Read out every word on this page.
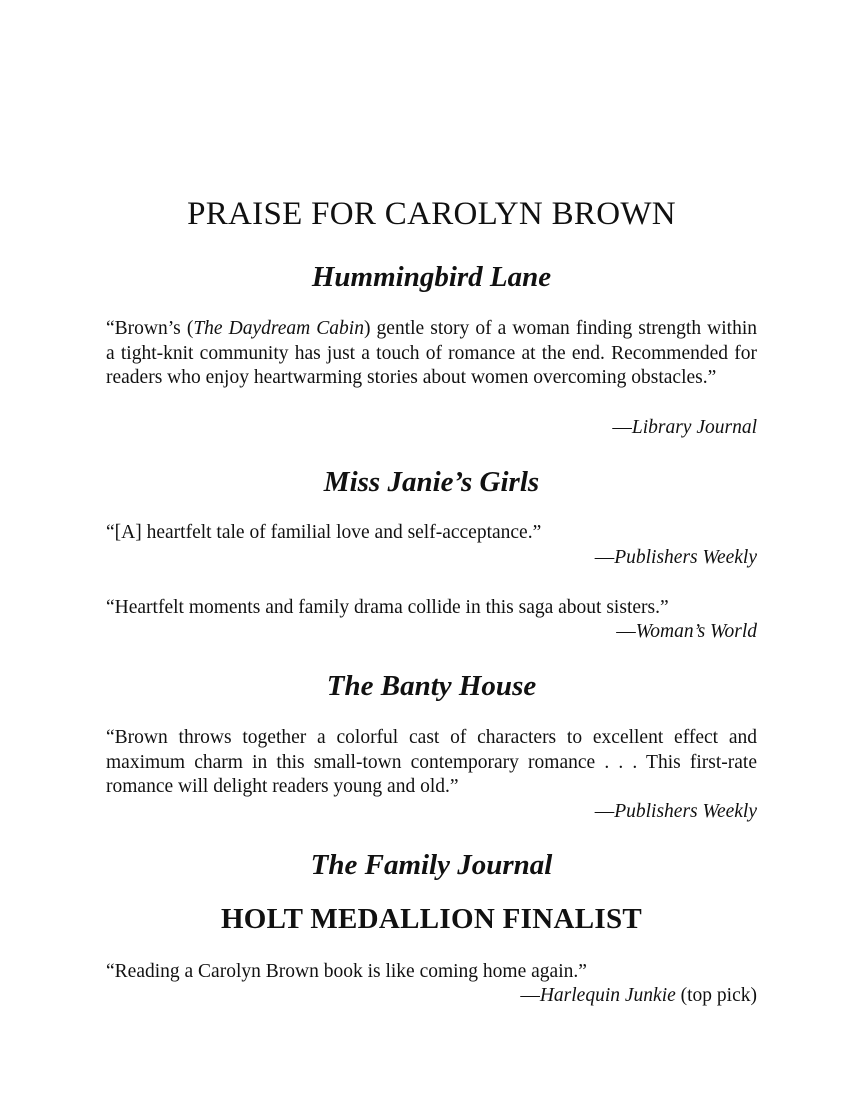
PRAISE FOR CAROLYN BROWN
Hummingbird Lane

“Brown’s (The Daydream Cabin) gentle story of a woman finding strength within a tight-knit community has just a touch of romance at the end. Recommended for readers who enjoy heartwarming stories about women overcoming obstacles.”

—Library Journal

Miss Janie’s Girls

“[A] heartfelt tale of familial love and self-acceptance.”

—Publishers Weekly

“Heartfelt moments and family drama collide in this saga about sisters.”

—Woman’s World

The Banty House

“Brown throws together a colorful cast of characters to excellent effect and maximum charm in this small-town contemporary romance . . . This first-rate romance will delight readers young and old.”

—Publishers Weekly

The Family Journal
HOLT MEDALLION FINALIST

“Reading a Carolyn Brown book is like coming home again.”

—Harlequin Junkie (top pick)
